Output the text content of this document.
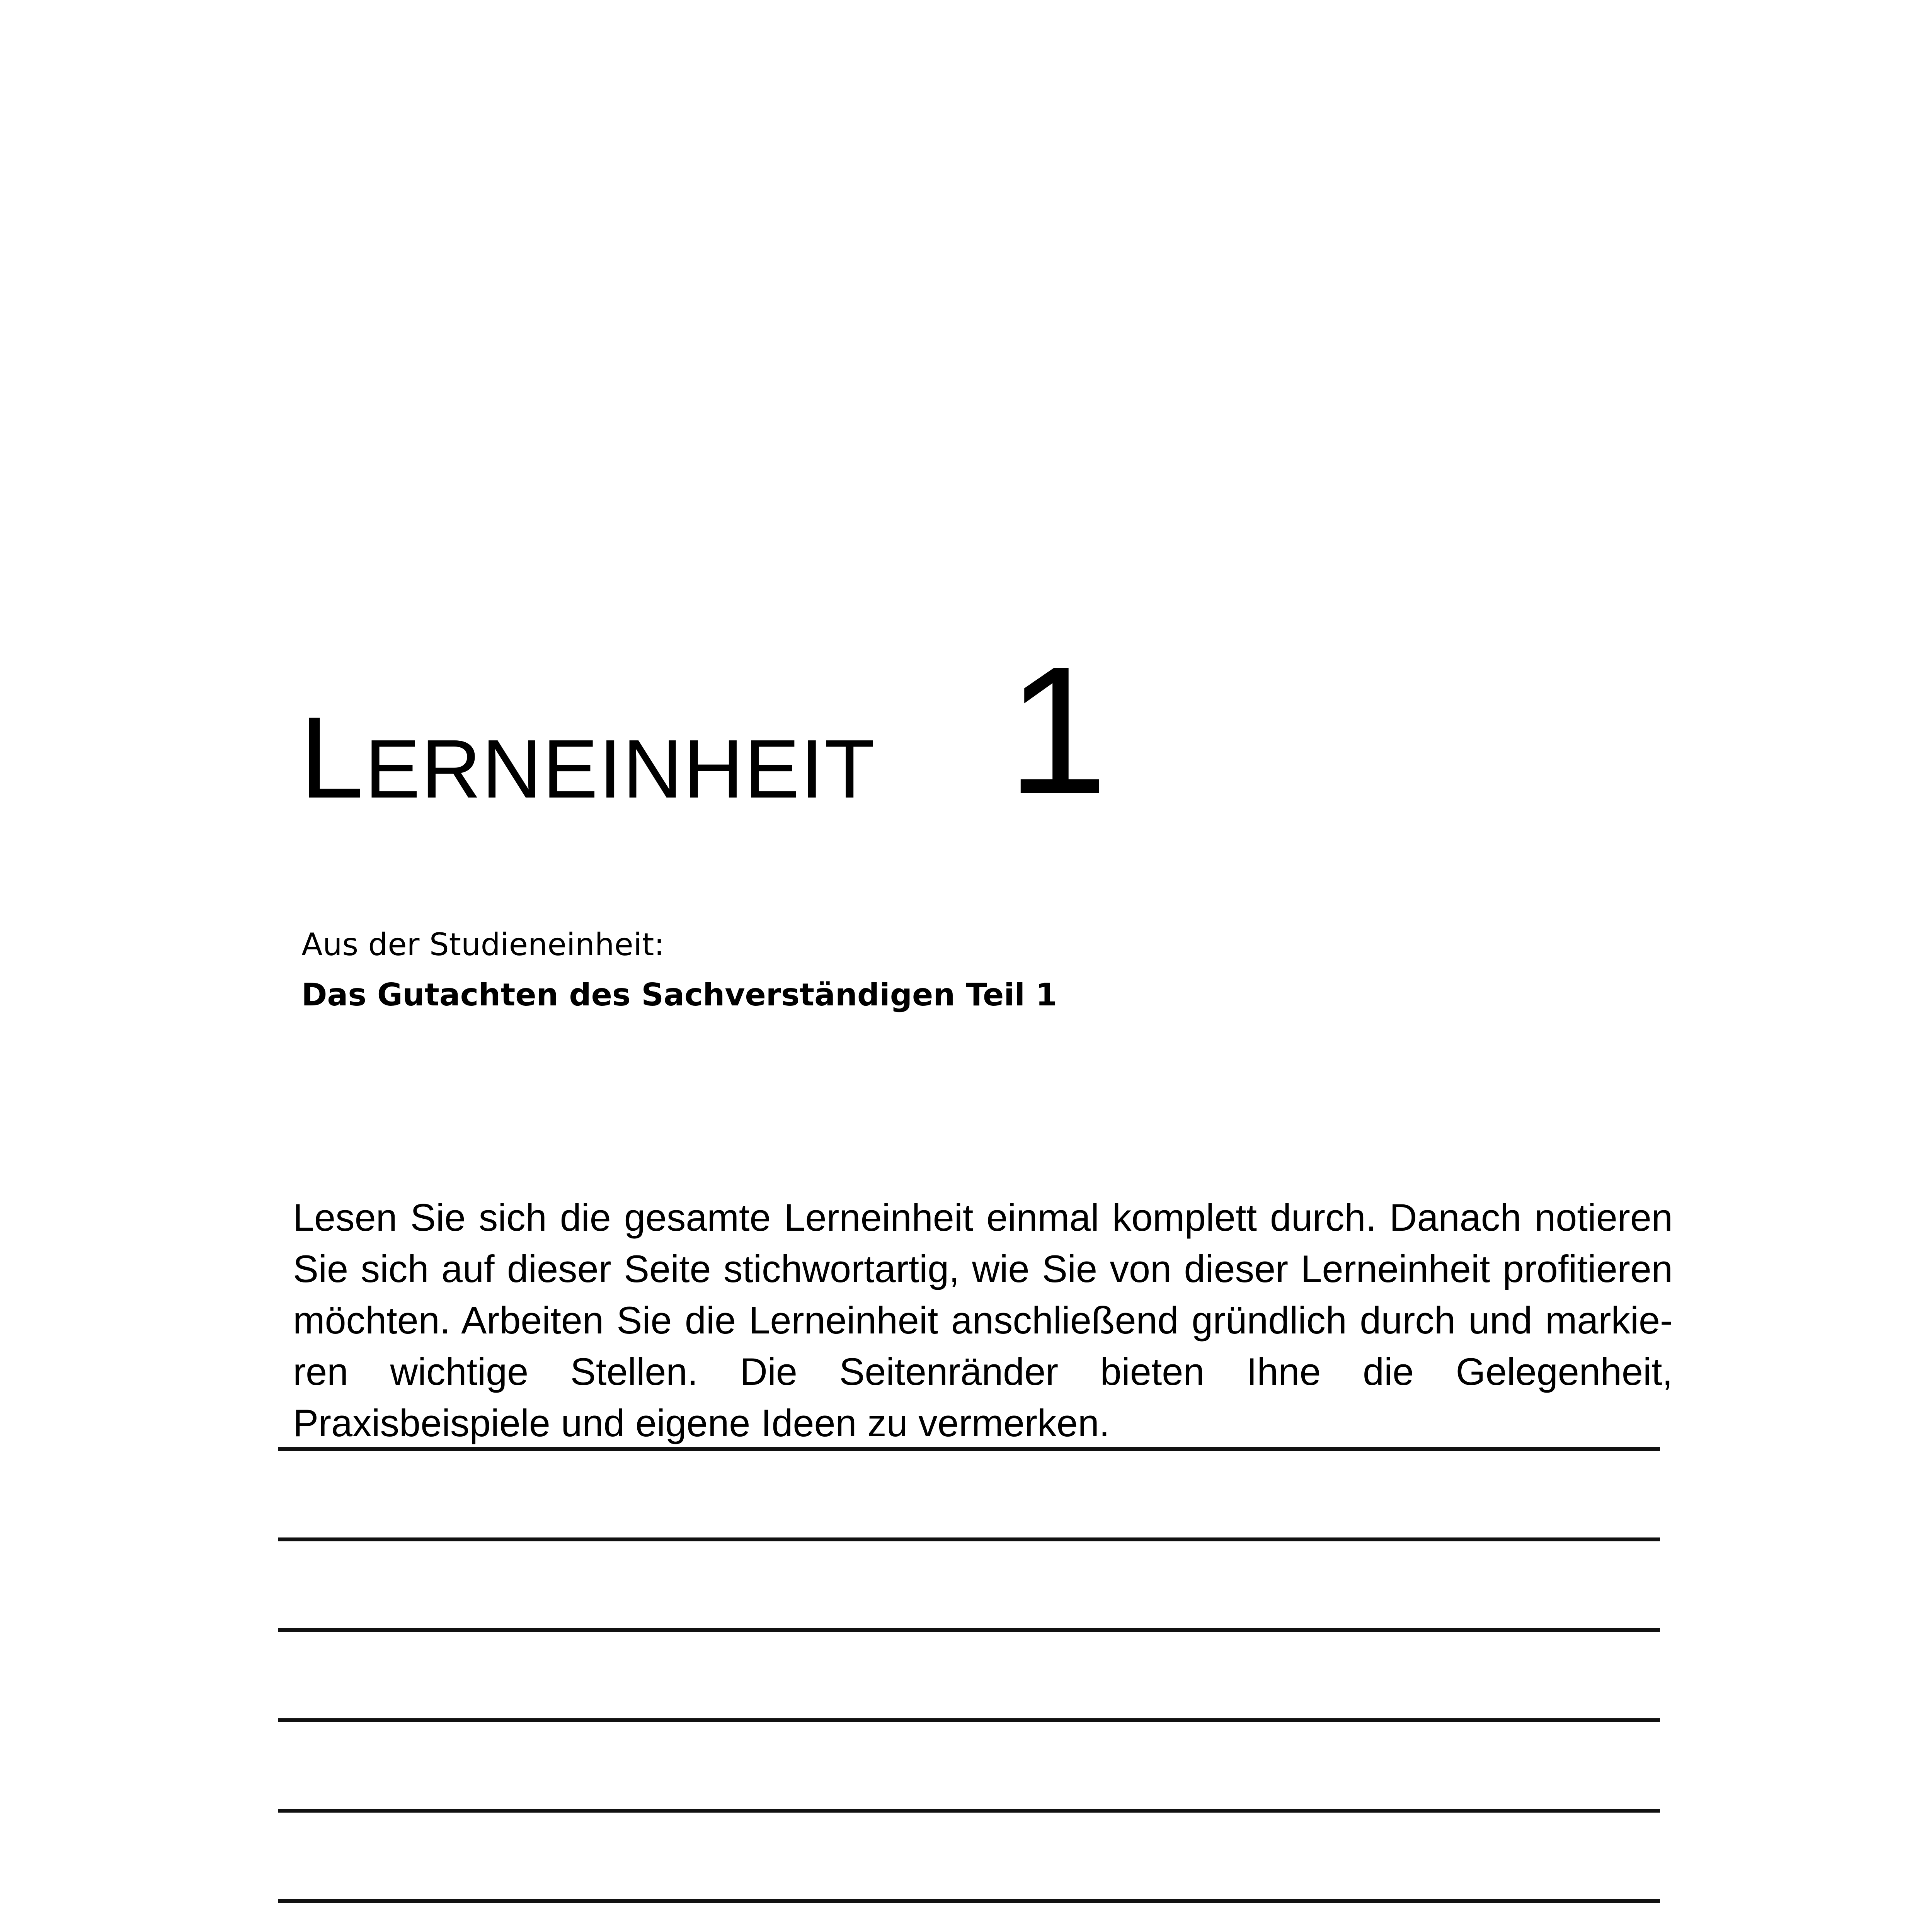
LERNEINHEIT 1
Aus der Studieneinheit:
Das Gutachten des Sachverständigen Teil 1

Lesen Sie sich die gesamte Lerneinheit einmal komplett durch. Danach notieren Sie sich auf dieser Seite stichwortartig, wie Sie von dieser Lerneinheit profitieren möchten. Arbeiten Sie die Lerneinheit anschließend gründlich durch und markie-ren wichtige Stellen. Die Seitenränder bieten Ihne die Gelegenheit, Praxisbeispiele und eigene Ideen zu vermerken.
